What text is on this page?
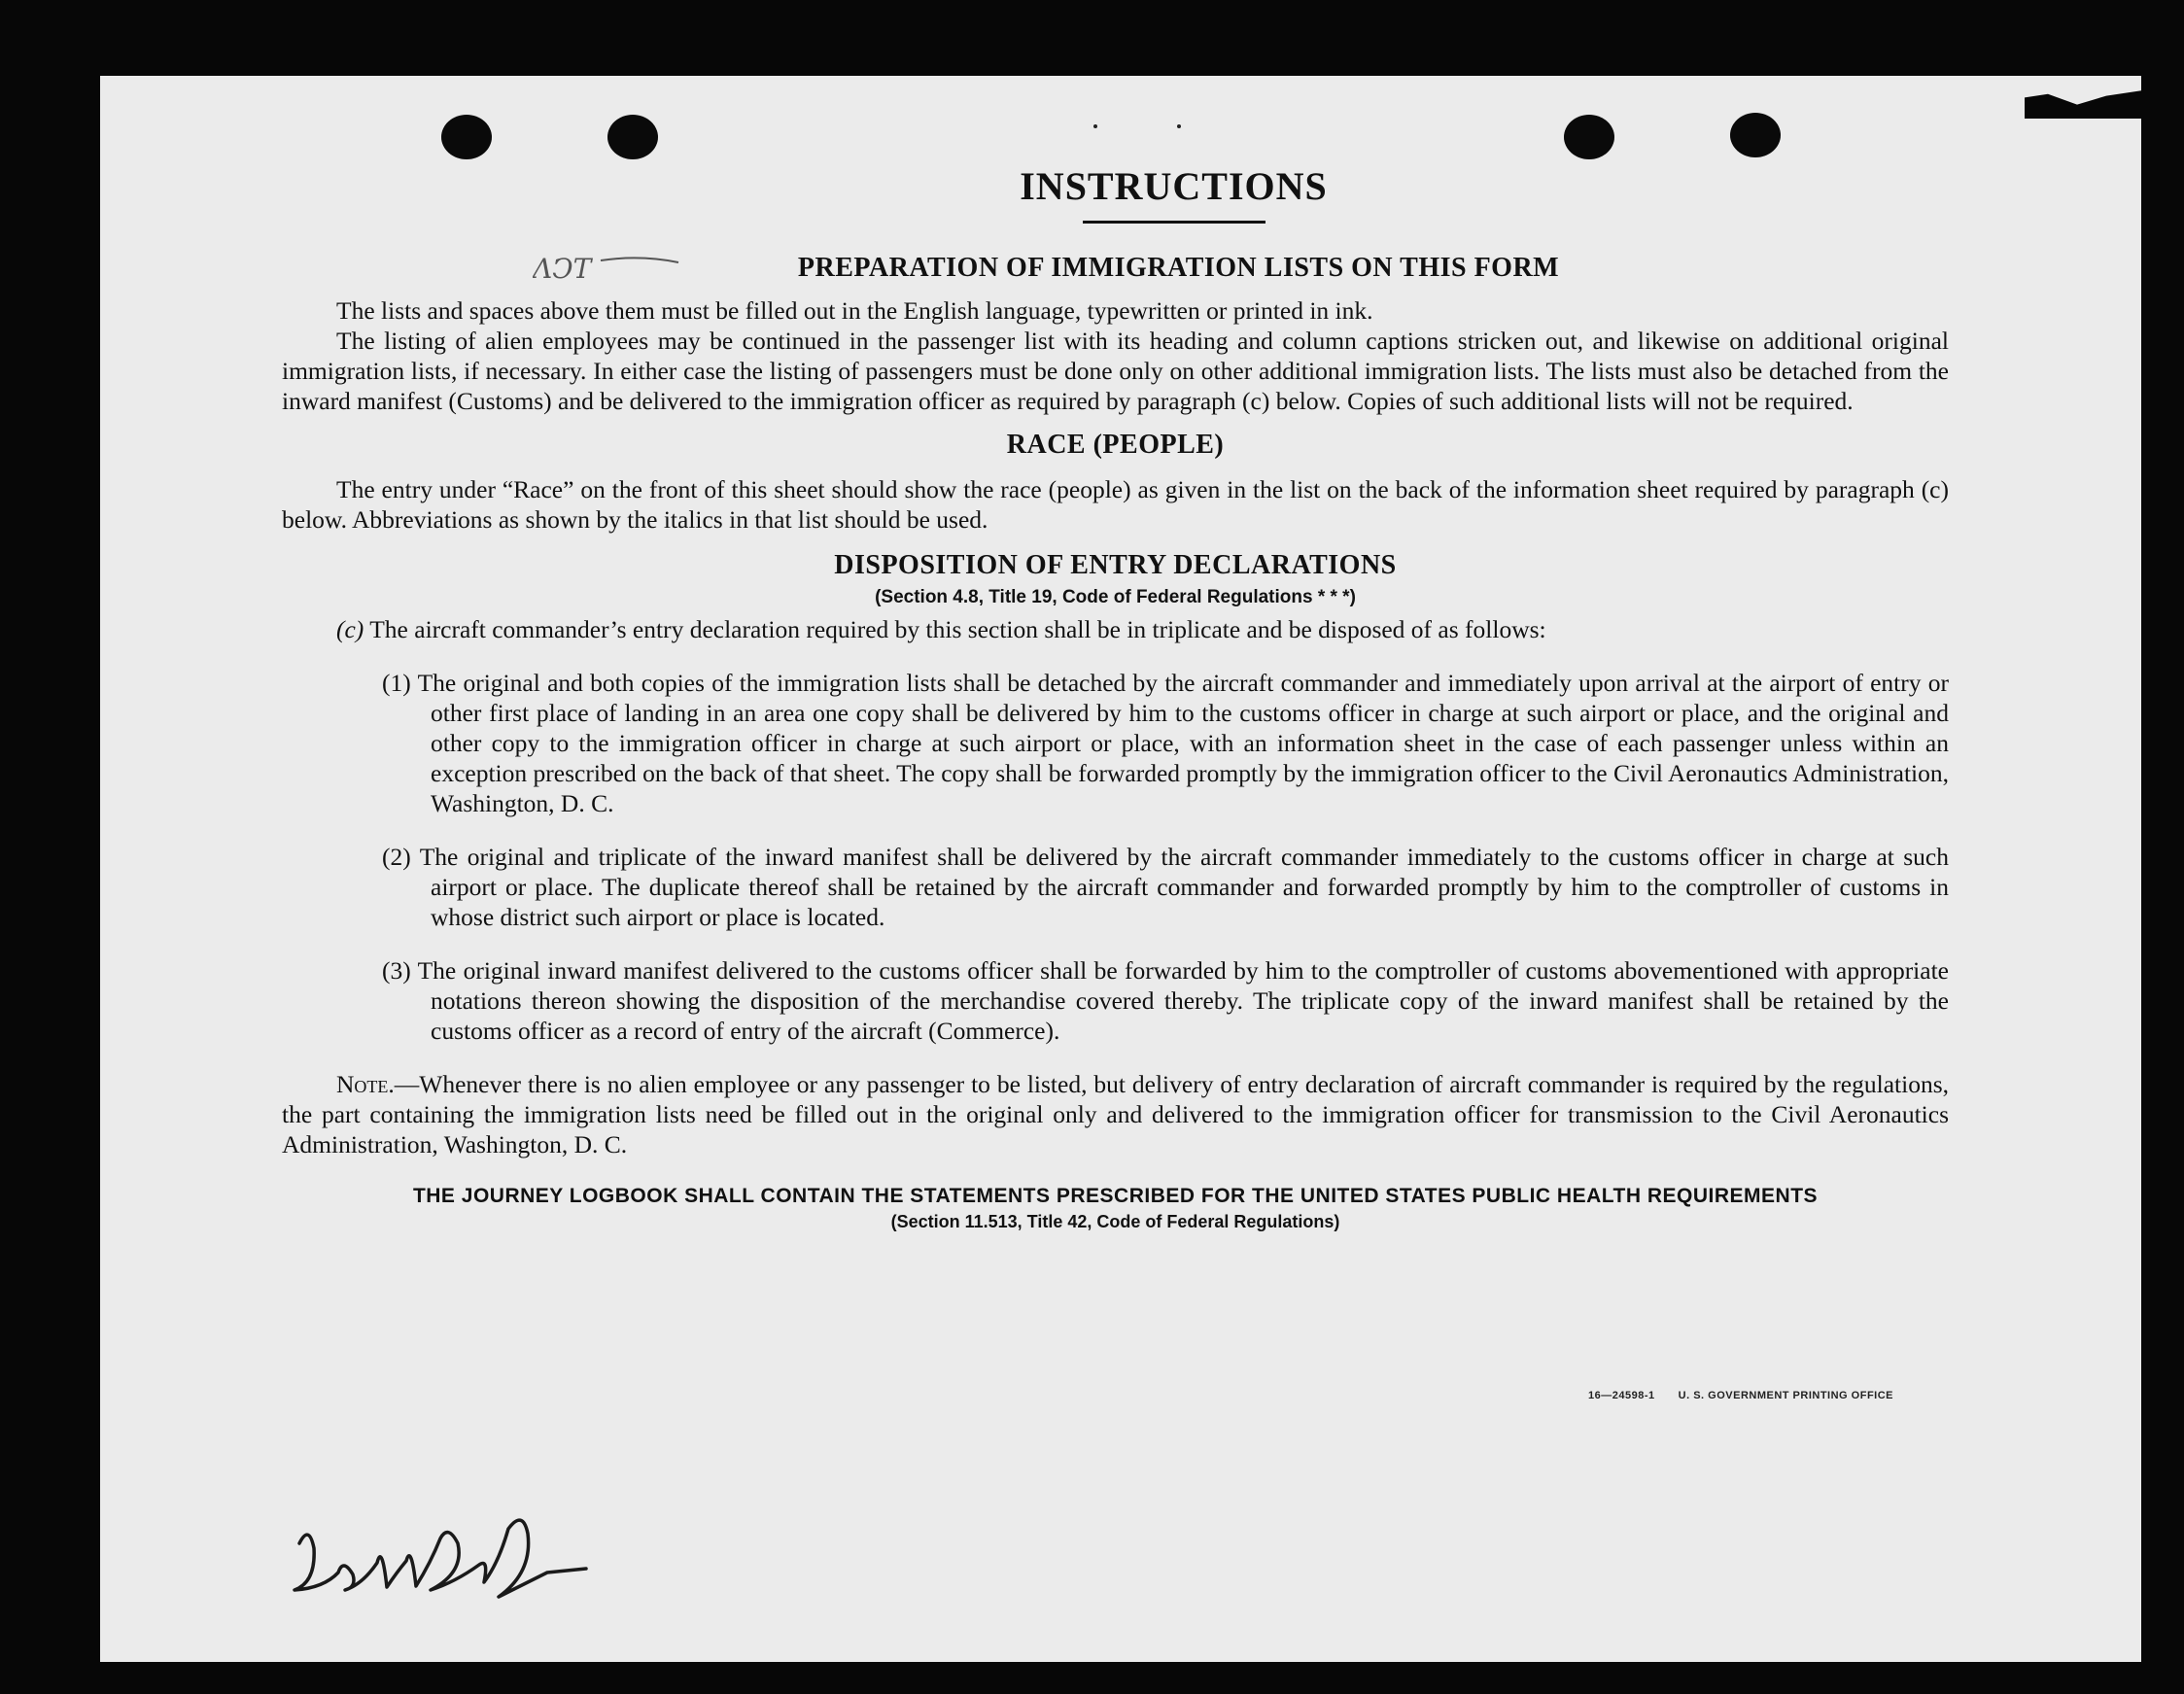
ΛϽΤ
INSTRUCTIONS
PREPARATION OF IMMIGRATION LISTS ON THIS FORM

The lists and spaces above them must be filled out in the English language, typewritten or printed in ink.

The listing of alien employees may be continued in the passenger list with its heading and column captions stricken out, and likewise on additional original immigration lists, if necessary. In either case the listing of passengers must be done only on other additional immigration lists. The lists must also be detached from the inward manifest (Customs) and be delivered to the immigration officer as required by paragraph (c) below. Copies of such additional lists will not be required.

RACE (PEOPLE)

The entry under “Race” on the front of this sheet should show the race (people) as given in the list on the back of the information sheet required by paragraph (c) below. Abbreviations as shown by the italics in that list should be used.

DISPOSITION OF ENTRY DECLARATIONS
(Section 4.8, Title 19, Code of Federal Regulations * * *)

(c) The aircraft commander’s entry declaration required by this section shall be in triplicate and be disposed of as follows:

(1) The original and both copies of the immigration lists shall be detached by the aircraft commander and immediately upon arrival at the airport of entry or other first place of landing in an area one copy shall be delivered by him to the customs officer in charge at such airport or place, and the original and other copy to the immigration officer in charge at such airport or place, with an information sheet in the case of each passenger unless within an exception prescribed on the back of that sheet. The copy shall be forwarded promptly by the immigration officer to the Civil Aeronautics Administration, Washington, D. C.

(2) The original and triplicate of the inward manifest shall be delivered by the aircraft commander immediately to the customs officer in charge at such airport or place. The duplicate thereof shall be retained by the aircraft commander and forwarded promptly by him to the comptroller of customs in whose district such airport or place is located.

(3) The original inward manifest delivered to the customs officer shall be forwarded by him to the comptroller of customs abovementioned with appropriate notations thereon showing the disposition of the merchandise covered thereby. The triplicate copy of the inward manifest shall be retained by the customs officer as a record of entry of the aircraft (Commerce).

Note.—Whenever there is no alien employee or any passenger to be listed, but delivery of entry declaration of aircraft commander is required by the regulations, the part containing the immigration lists need be filled out in the original only and delivered to the immigration officer for transmission to the Civil Aeronautics Administration, Washington, D. C.

THE JOURNEY LOGBOOK SHALL CONTAIN THE STATEMENTS PRESCRIBED FOR THE UNITED STATES PUBLIC HEALTH REQUIREMENTS
(Section 11.513, Title 42, Code of Federal Regulations)
16—24598-1 U. S. GOVERNMENT PRINTING OFFICE
